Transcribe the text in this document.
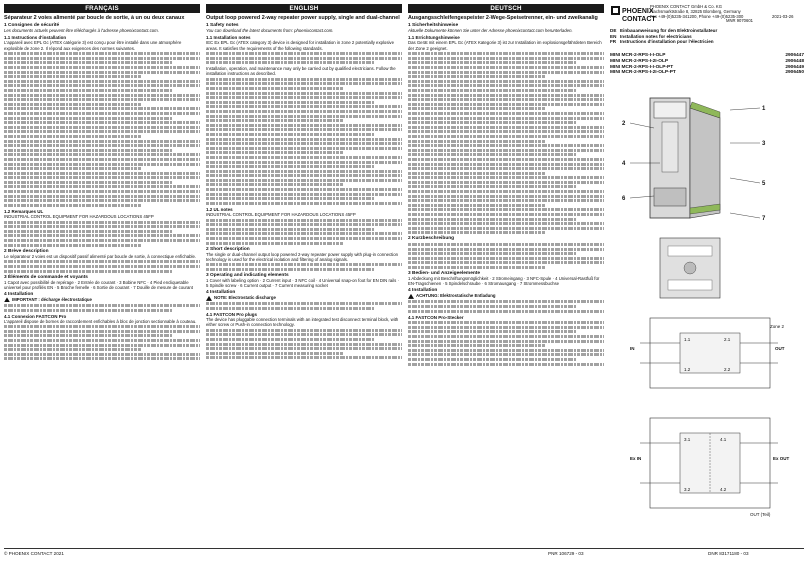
FRANÇAIS
Séparateur 2 voies alimenté par boucle de sortie, à un ou deux canaux
1 Consignes de sécurité
Les documents actuels peuvent être téléchargés à l'adresse phoenixcontact.com.
1.1 Instructions d'installation
L'appareil avec EPL Gc (ATEX catégorie 3) est conçu pour être installé dans une atmosphère explosible de zone 2. Il répond aux exigences des normes suivantes.
1.2 Remarques UL
INDUSTRIAL CONTROL EQUIPMENT FOR HAZARDOUS LOCATIONS 45FP
2 Brève description
Le séparateur 2 voies est un dispositif passif alimenté par boucle de sortie, à connectique enfichable.
3 Éléments de commande et voyants
1 Capot avec possibilité de repérage · 2 Entrée de courant · 3 Bobine NFC · 4 Pied encliquetable universel pour profilés EN · 5 Broche femelle · 6 Sortie de courant · 7 Douille de mesure de courant
4 Installation
IMPORTANT : décharge électrostatique
4.1 Connexion FASTCON Pro
L'appareil dispose de bornes de raccordement enfichables à bloc de jonction sectionnable à couteau.
ENGLISH
Output loop powered 2-way repeater power supply, single and dual-channel
1 Safety notes
You can download the latest documents from: phoenixcontact.com.
1.1 Installation notes
IEC Ex EPL Gc (ATEX category 3) device is designed for installation in zone 2 potentially explosive areas. It satisfies the requirements of the following standards.
Installation, operation, and maintenance may only be carried out by qualified electricians. Follow the installation instructions as described.
1.2 UL notes
INDUSTRIAL CONTROL EQUIPMENT FOR HAZARDOUS LOCATIONS 45FP
2 Short description
The single or dual-channel output loop powered 2-way repeater power supply with plug-in connection technology is used for the electrical isolation and filtering of analog signals.
3 Operating and indicating elements
1 Cover with labeling option · 2 Current input · 3 NFC coil · 4 Universal snap-on foot for EN DIN rails · 5 Spindle screw · 6 Current output · 7 Current measuring socket
4 Installation
NOTE: Electrostatic discharge
4.1 FASTCON Pro plugs
The device has pluggable connection terminals with an integrated test disconnect terminal block, with either screw or Push-in connection technology.
DEUTSCH
Ausgangsschleifengespeister 2-Wege-Speisetrenner, ein- und zweikanalig
1 Sicherheitshinweise
Aktuelle Dokumente können Sie unter der Adresse phoenixcontact.com herunterladen.
1.1 Errichtungshinweise
Das Gerät mit einem EPL Gc (ATEX Kategorie 3) ist zur Installation im explosionsgefährdeten Bereich der Zone 2 geeignet.
2 Kurzbeschreibung
3 Bedien- und Anzeigeelemente
1 Abdeckung mit Beschriftungsmöglichkeit · 2 Stromeingang · 3 NFC-Spule · 4 Universal-Rastfuß für EN-Tragschienen · 5 Spindelschraube · 6 Stromausgang · 7 Strommessbuchse
4 Installation
ACHTUNG: Elektrostatische Entladung
4.1 FASTCON Pro-Stecker
PHOENIX
CONTACT
PHOENIX CONTACT GmbH & Co. KG
Flachsmarktstraße 8, 32825 Blomberg, Germany
Fax +49-(0)5235-341200, Phone +49-(0)5235-300
MNR 9070601
2021-03-26
DE Einbauanweisung für den Elektroinstallateur
EN Installation notes for electricians
FR Instructions d'installation pour l'électricien
MINI MCR-2-RPS-I-I-OLP	2906447
MINI MCR-2-RPS-I-2I-OLP	2906448
MINI MCR-2-RPS-I-I-OLP-PT	2906449
MINI MCR-2-RPS-I-2I-OLP-PT	2906450
1
2
3
4
5
6
7
IN	OUT
1.1
1.2
2.1
2.2
Zone 2
Ex IN	Ex OUT
3.1
3.2
4.1
4.2
OUT (Teil)
© PHOENIX CONTACT 2021	PNR 106729 - 03	DNR 83171180 - 03
